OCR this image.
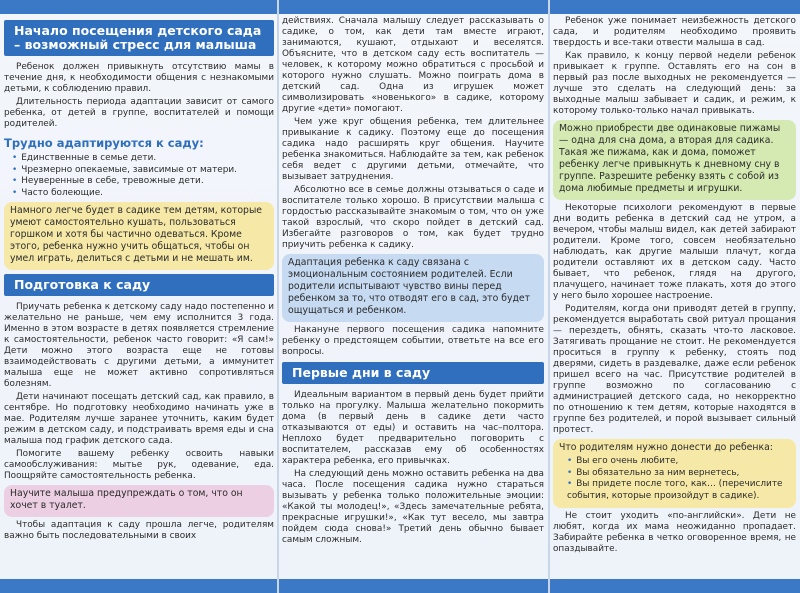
Начало посещения детского сада – возможный стресс для малыша

Ребенок должен привыкнуть отсутствию мамы в течение дня, к необходимости общения с незнакомыми детьми, к соблюдению правил.

Длительность периода адаптации зависит от самого ребенка, от детей в группе, воспитателей и помощи родителей.

Трудно адаптируются к саду:
• Единственные в семье дети.
• Чрезмерно опекаемые, зависимые от матери.
• Неуверенные в себе, тревожные дети.
• Часто болеющие.

Намного легче будет в садике тем детям, которые умеют самостоятельно кушать, пользоваться горшком и хотя бы частично одеваться. Кроме этого, ребенка нужно учить общаться, чтобы он умел играть, делиться с детьми и не мешать им.

Подготовка к саду

Приучать ребенка к детскому саду надо постепенно и желательно не раньше, чем ему исполнится 3 года. Именно в этом возрасте в детях появляется стремление к самостоятельности, ребенок часто говорит: «Я сам!» Дети можно этого возраста еще не готовы взаимодействовать с другими детьми, а иммунитет малыша еще не может активно сопротивляться болезням.

Дети начинают посещать детский сад, как правило, в сентябре. Но подготовку необходимо начинать уже в мае. Родителям лучше заранее уточнить, каким будет режим в детском саду, и подстраивать время еды и сна малыша под график детского сада.

Помогите вашему ребенку освоить навыки самообслуживания: мытье рук, одевание, еда. Поощряйте самостоятельность ребенка.

Научите малыша предупреждать о том, что он хочет в туалет.

Чтобы адаптация к саду прошла легче, родителям важно быть последовательными в своих

действиях. Сначала малышу следует рассказывать о садике, о том, как дети там вместе играют, занимаются, кушают, отдыхают и веселятся. Объясните, что в детском саду есть воспитатель — человек, к которому можно обратиться с просьбой и которого нужно слушать. Можно поиграть дома в детский сад. Одна из игрушек может символизировать «новенького» в садике, которому другие «дети» помогают.

Чем уже круг общения ребенка, тем длительнее привыкание к садику. Поэтому еще до посещения садика надо расширять круг общения. Научите ребенка знакомиться. Наблюдайте за тем, как ребенок себя ведет с другими детьми, отмечайте, что вызывает затруднения.

Абсолютно все в семье должны отзываться о саде и воспитателе только хорошо. В присутствии малыша с гордостью рассказывайте знакомым о том, что он уже такой взрослый, что скоро пойдет в детский сад. Избегайте разговоров о том, как будет трудно приучить ребенка к садику.

Адаптация ребенка к саду связана с эмоциональным состоянием родителей. Если родители испытывают чувство вины перед ребенком за то, что отводят его в сад, это будет ощущаться и ребенком.

Накануне первого посещения садика напомните ребенку о предстоящем событии, ответьте на все его вопросы.

Первые дни в саду

Идеальным вариантом в первый день будет прийти только на прогулку. Малыша желательно покормить дома (в первый день в садике дети часто отказываются от еды) и оставить на час–полтора. Неплохо будет предварительно поговорить с воспитателем, рассказав ему об особенностях характера ребенка, его привычках.

На следующий день можно оставить ребенка на два часа. После посещения садика нужно стараться вызывать у ребенка только положительные эмоции: «Какой ты молодец!», «Здесь замечательные ребята, прекрасные игрушки!», «Как тут весело, мы завтра пойдем сюда снова!» Третий день обычно бывает самым сложным.

Ребенок уже понимает неизбежность детского сада, и родителям необходимо проявить твердость и все-таки отвести малыша в сад.

Как правило, к концу первой недели ребенок привыкает к группе. Оставлять его на сон в первый раз после выходных не рекомендуется — лучше это сделать на следующий день: за выходные малыш забывает и садик, и режим, к которому только-только начал привыкать.

Можно приобрести две одинаковые пижамы — одна для сна дома, а вторая для садика. Такая же пижама, как и дома, поможет ребенку легче привыкнуть к дневному сну в группе. Разрешите ребенку взять с собой из дома любимые предметы и игрушки.

Некоторые психологи рекомендуют в первые дни водить ребенка в детский сад не утром, а вечером, чтобы малыш видел, как детей забирают родители. Кроме того, совсем необязательно наблюдать, как другие малыши плачут, когда родители оставляют их в детском саду. Часто бывает, что ребенок, глядя на другого, плачущего, начинает тоже плакать, хотя до этого у него было хорошее настроение.

Родителям, когда они приводят детей в группу, рекомендуется выработать свой ритуал прощания — перездеть, обнять, сказать что-то ласковое. Затягивать прощание не стоит. Не рекомендуется проситься в группу к ребенку, стоять под дверями, сидеть в раздевалке, даже если ребенок пришел всего на час. Присутствие родителей в группе возможно по согласованию с администрацией детского сада, но некорректно по отношению к тем детям, которые находятся в группе без родителей, и порой вызывает сильный протест.

Что родителям нужно донести до ребенка:

• Вы его очень любите,
• Вы обязательно за ним вернетесь,
• Вы придете после того, как… (перечислите события, которые произойдут в садике).

Не стоит уходить «по-английски». Дети не любят, когда их мама неожиданно пропадает. Забирайте ребенка в четко оговоренное время, не опаздывайте.
